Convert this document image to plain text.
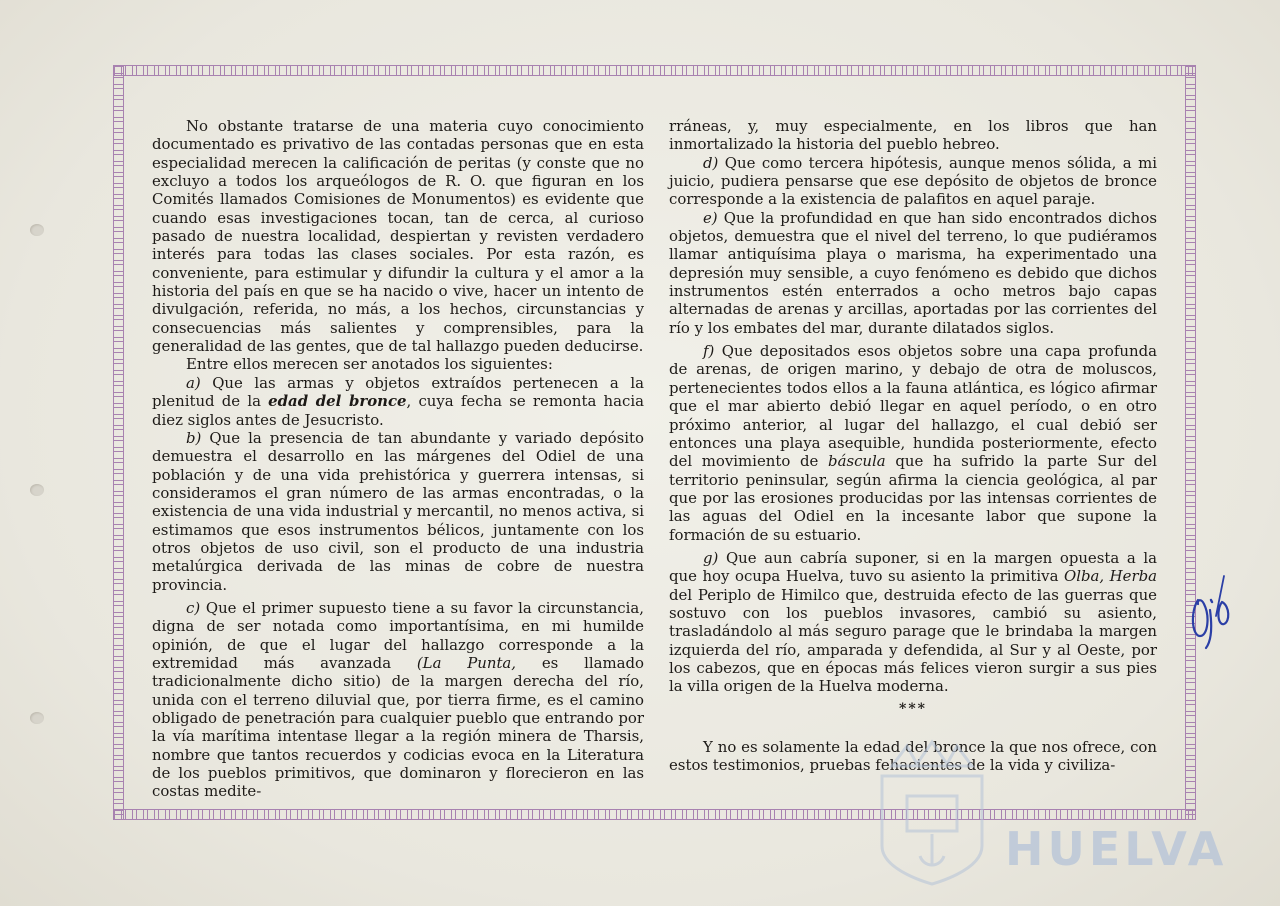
No obstante tratarse de una materia cuyo conocimiento documentado es privativo de las contadas personas que en esta especialidad merecen la calificación de peritas (y conste que no excluyo a todos los arqueólogos de R. O. que figuran en los Comités llamados Comisiones de Monumentos) es evidente que cuando esas investigaciones tocan, tan de cerca, al curioso pasado de nuestra localidad, despiertan y revisten verdadero interés para todas las clases sociales. Por esta razón, es conveniente, para estimular y difundir la cultura y el amor a la historia del país en que se ha nacido o vive, hacer un intento de divulgación, referida, no más, a los hechos, circunstancias y consecuencias más salientes y comprensibles, para la generalidad de las gentes, que de tal hallazgo pueden deducirse.

Entre ellos merecen ser anotados los siguientes:

a) Que las armas y objetos extraídos pertenecen a la plenitud de la edad del bronce, cuya fecha se remonta hacia diez siglos antes de Jesucristo.

b) Que la presencia de tan abundante y variado depósito demuestra el desarrollo en las márgenes del Odiel de una población y de una vida prehistórica y guerrera intensas, si consideramos el gran número de las armas encontradas, o la existencia de una vida industrial y mercantil, no menos activa, si estimamos que esos instrumentos bélicos, juntamente con los otros objetos de uso civil, son el producto de una industria metalúrgica derivada de las minas de cobre de nuestra provincia.

c) Que el primer supuesto tiene a su favor la circunstancia, digna de ser notada como importantísima, en mi humilde opinión, de que el lugar del hallazgo corresponde a la extremidad más avanzada (La Punta, es llamado tradicionalmente dicho sitio) de la margen derecha del río, unida con el terreno diluvial que, por tierra firme, es el camino obligado de penetración para cualquier pueblo que entrando por la vía marítima intentase llegar a la región minera de Tharsis, nombre que tantos recuerdos y codicias evoca en la Literatura de los pueblos primitivos, que dominaron y florecieron en las costas medite-

rráneas, y, muy especialmente, en los libros que han inmortalizado la historia del pueblo hebreo.

d) Que como tercera hipótesis, aunque menos sólida, a mi juicio, pudiera pensarse que ese depósito de objetos de bronce corresponde a la existencia de palafitos en aquel paraje.

e) Que la profundidad en que han sido encontrados dichos objetos, demuestra que el nivel del terreno, lo que pudiéramos llamar antiquísima playa o marisma, ha experimentado una depresión muy sensible, a cuyo fenómeno es debido que dichos instrumentos estén enterrados a ocho metros bajo capas alternadas de arenas y arcillas, aportadas por las corrientes del río y los embates del mar, durante dilatados siglos.

f) Que depositados esos objetos sobre una capa profunda de arenas, de origen marino, y debajo de otra de moluscos, pertenecientes todos ellos a la fauna atlántica, es lógico afirmar que el mar abierto debió llegar en aquel período, o en otro próximo anterior, al lugar del hallazgo, el cual debió ser entonces una playa asequible, hundida posteriormente, efecto del movimiento de báscula que ha sufrido la parte Sur del territorio peninsular, según afirma la ciencia geológica, al par que por las erosiones producidas por las intensas corrientes de las aguas del Odiel en la incesante labor que supone la formación de su estuario.

g) Que aun cabría suponer, si en la margen opuesta a la que hoy ocupa Huelva, tuvo su asiento la primitiva Olba, Herba del Periplo de Himilco que, destruida efecto de las guerras que sostuvo con los pueblos invasores, cambió su asiento, trasladándolo al más seguro parage que le brindaba la margen izquierda del río, amparada y defendida, al Sur y al Oeste, por los cabezos, que en épocas más felices vieron surgir a sus pies la villa origen de la Huelva moderna.

***

Y no es solamente la edad del bronce la que nos ofrece, con estos testimonios, pruebas fehacientes de la vida y civiliza-

HUELVA
